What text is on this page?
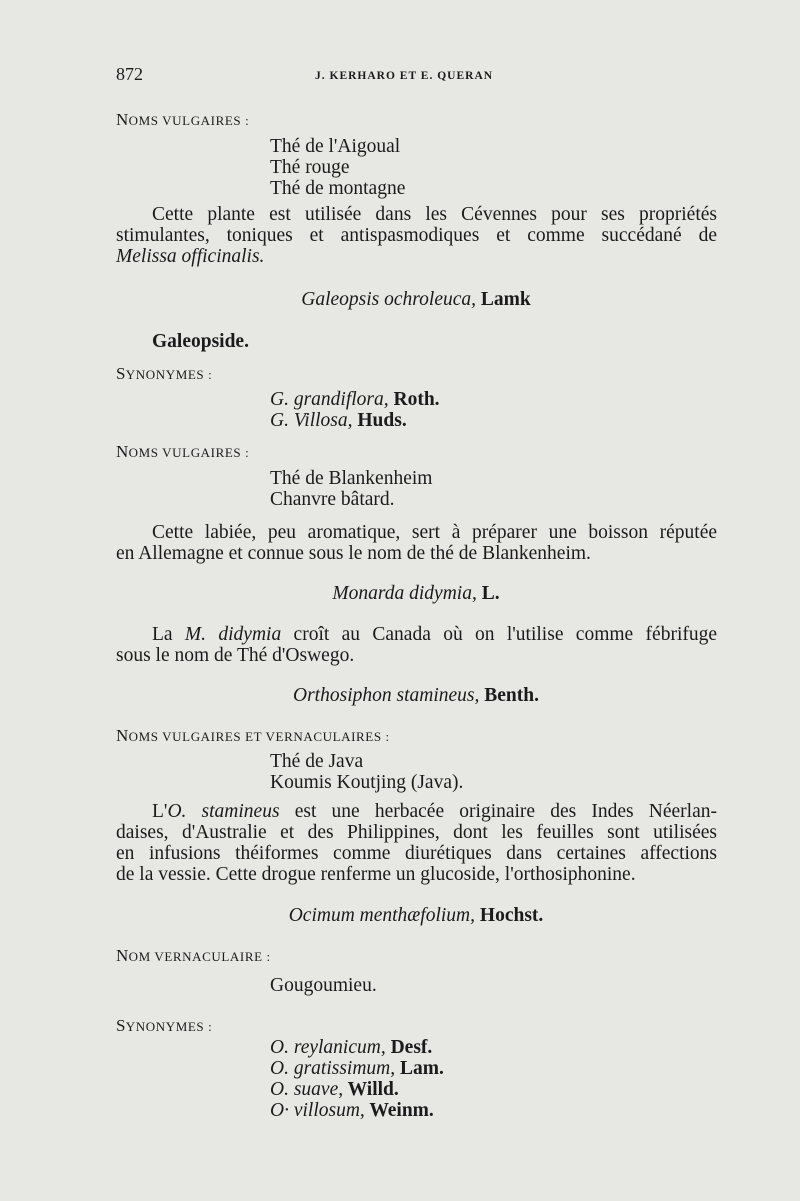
872	J. KERHARO ET E. QUERAN
NOMS VULGAIRES :
Thé de l'Aigoual
Thé rouge
Thé de montagne
Cette plante est utilisée dans les Cévennes pour ses propriétés
stimulantes, toniques et antispasmodiques et comme succédané de
Melissa officinalis.
Galeopsis ochroleuca, Lamk
Galeopside.
SYNONYMES :
G. grandiflora, Roth.
G. Villosa, Huds.
NOMS VULGAIRES :
Thé de Blankenheim
Chanvre bâtard.
Cette labiée, peu aromatique, sert à préparer une boisson réputée
en Allemagne et connue sous le nom de thé de Blankenheim.
Monarda didymia, L.
La M. didymia croît au Canada où on l'utilise comme fébrifuge
sous le nom de Thé d'Oswego.
Orthosiphon stamineus, Benth.
NOMS VULGAIRES ET VERNACULAIRES :
Thé de Java
Koumis Koutjing (Java).
L'O. stamineus est une herbacée originaire des Indes Néerlan-
daises, d'Australie et des Philippines, dont les feuilles sont utilisées
en infusions théiformes comme diurétiques dans certaines affections
de la vessie. Cette drogue renferme un glucoside, l'orthosiphonine.
Ocimum menthæfolium, Hochst.
NOM VERNACULAIRE :
Gougoumieu.
SYNONYMES :
O. reylanicum, Desf.
O. gratissimum, Lam.
O. suave, Willd.
O· villosum, Weinm.
